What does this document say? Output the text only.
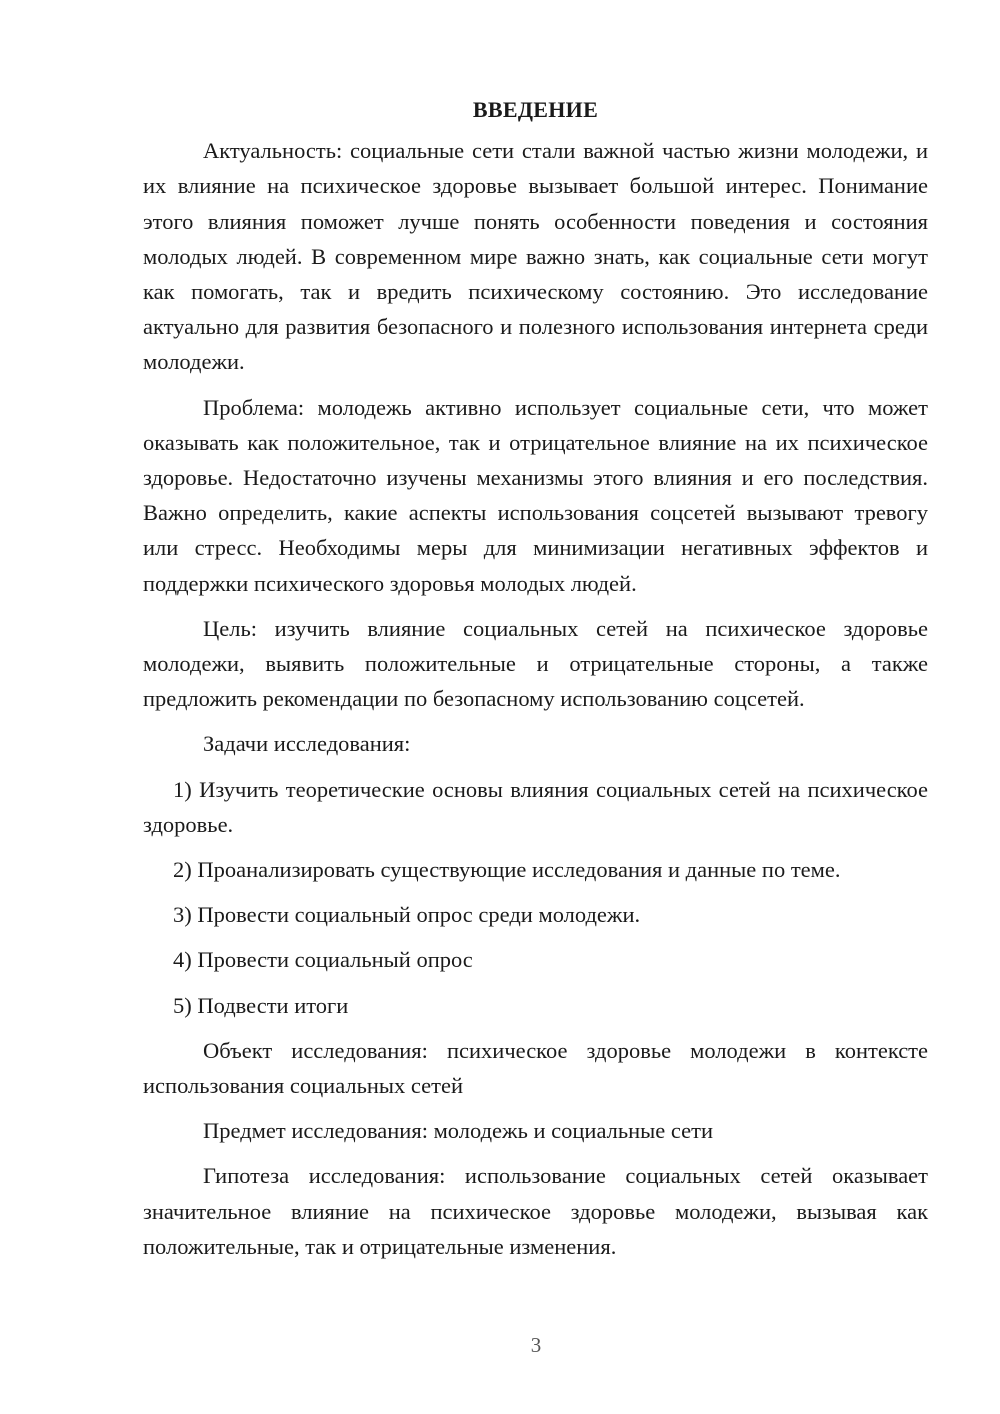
ВВЕДЕНИЕ

Актуальность: социальные сети стали важной частью жизни молодежи, и их влияние на психическое здоровье вызывает большой интерес. Понимание этого влияния поможет лучше понять особенности поведения и состояния молодых людей. В современном мире важно знать, как социальные сети могут как помогать, так и вредить психическому состоянию. Это исследование актуально для развития безопасного и полезного использования интернета среди молодежи.

Проблема: молодежь активно использует социальные сети, что может оказывать как положительное, так и отрицательное влияние на их психическое здоровье. Недостаточно изучены механизмы этого влияния и его последствия. Важно определить, какие аспекты использования соцсетей вызывают тревогу или стресс. Необходимы меры для минимизации негативных эффектов и поддержки психического здоровья молодых людей.

Цель: изучить влияние социальных сетей на психическое здоровье молодежи, выявить положительные и отрицательные стороны, а также предложить рекомендации по безопасному использованию соцсетей.

Задачи исследования:

1) Изучить теоретические основы влияния социальных сетей на психическое здоровье.

2) Проанализировать существующие исследования и данные по теме.

3) Провести социальный опрос среди молодежи.

4) Провести социальный опрос

5) Подвести итоги

Объект исследования: психическое здоровье молодежи в контексте использования социальных сетей

Предмет исследования: молодежь и социальные сети

Гипотеза исследования: использование социальных сетей оказывает значительное влияние на психическое здоровье молодежи, вызывая как положительные, так и отрицательные изменения.

3
